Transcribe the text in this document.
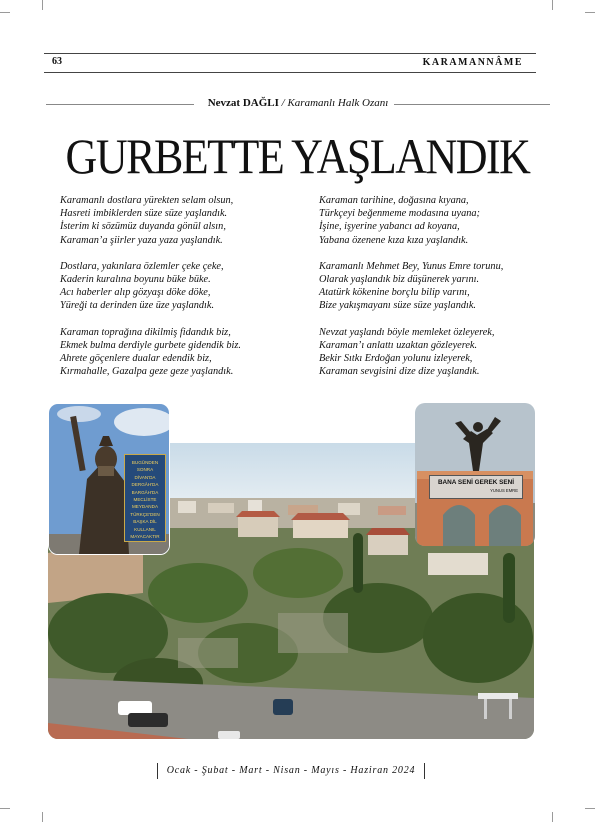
63	KARAMANNÂME
Nevzat DAĞLI / Karamanlı Halk Ozanı
GURBETTE YAŞLANDIK
Karamanlı dostlara yürekten selam olsun,
Hasreti imbiklerden süze süze yaşlandık.
İsterim ki sözümüz duyanda gönül alsın,
Karaman’a şiirler yaza yaza yaşlandık.
Dostlara, yakınlara özlemler çeke çeke,
Kaderin kuralına boyunu büke büke.
Acı haberler alıp gözyaşı döke döke,
Yüreği ta derinden üze üze yaşlandık.
Karaman toprağına dikilmiş fidandık biz,
Ekmek bulma derdiyle gurbete gidendik biz.
Ahrete göçenlere dualar edendik biz,
Kırmahalle, Gazalpa geze geze yaşlandık.
Karaman tarihine, doğasına kıyana,
Türkçeyi beğenmeme modasına uyana;
İşine, işyerine yabancı ad koyana,
Yabana özenene kıza kıza yaşlandık.
Karamanlı Mehmet Bey, Yunus Emre torunu,
Olarak yaşlandık biz düşünerek yarını.
Atatürk kökenine borçlu bilip varını,
Bize yakışmayanı süze süze yaşlandık.
Nevzat yaşlandı böyle memleket özleyerek,
Karaman’ı anlattı uzaktan gözleyerek.
Bekir Sıtkı Erdoğan yolunu izleyerek,
Karaman sevgisini dize dize yaşlandık.
BUGÜNDEN
SONRA
DİVAN'DA
DERGÂH'DA
BARGÂH'DA
MECLİSTE
MEYDANDA
TÜRKÇE'DEN
BAŞKA DİL
KULLANIL
MAYACAKTIR
BANA SENİ GEREK SENİ
YUNUS EMRE
Ocak - Şubat - Mart - Nisan - Mayıs - Haziran 2024
